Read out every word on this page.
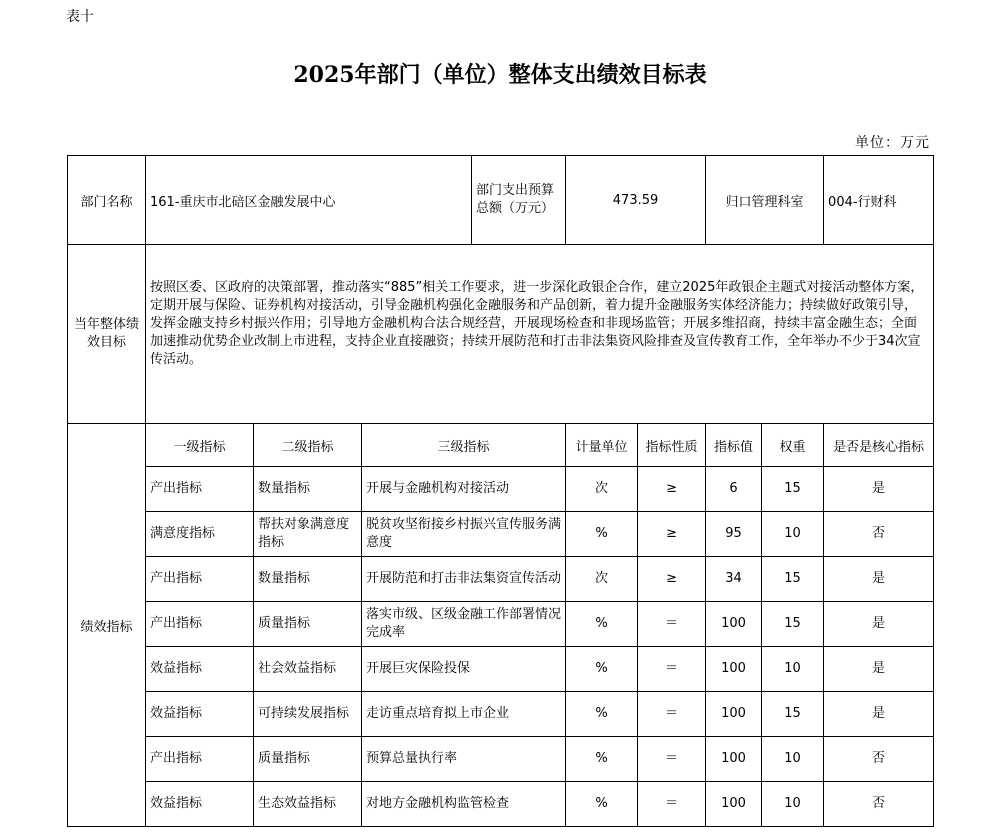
表十
2025年部门（单位）整体支出绩效目标表
单位：万元
部门名称	161-重庆市北碚区金融发展中心			部门支出预算总额（万元）	473.59		归口管理科室		004-行财科
当年整体绩效目标	按照区委、区政府的决策部署，推动落实“885”相关工作要求，进一步深化政银企合作，建立2025年政银企主题式对接活动整体方案，定期开展与保险、证券机构对接活动，引导金融机构强化金融服务和产品创新，着力提升金融服务实体经济能力；持续做好政策引导，发挥金融支持乡村振兴作用；引导地方金融机构合法合规经营，开展现场检查和非现场监管；开展多维招商，持续丰富金融生态；全面加速推动优势企业改制上市进程，支持企业直接融资；持续开展防范和打击非法集资风险排查及宣传教育工作，全年举办不少于34次宣传活动。								
绩效指标	一级指标	二级指标	三级指标		计量单位	指标性质	指标值	权重	是否是核心指标
	产出指标	数量指标	开展与金融机构对接活动		次	≥	6	15	是
	满意度指标	帮扶对象满意度指标	脱贫攻坚衔接乡村振兴宣传服务满意度		%	≥	95	10	否
	产出指标	数量指标	开展防范和打击非法集资宣传活动		次	≥	34	15	是
	产出指标	质量指标	落实市级、区级金融工作部署情况完成率		%	＝	100	15	是
	效益指标	社会效益指标	开展巨灾保险投保		%	＝	100	10	是
	效益指标	可持续发展指标	走访重点培育拟上市企业		%	＝	100	15	是
	产出指标	质量指标	预算总量执行率		%	＝	100	10	否
	效益指标	生态效益指标	对地方金融机构监管检查		%	＝	100	10	否
